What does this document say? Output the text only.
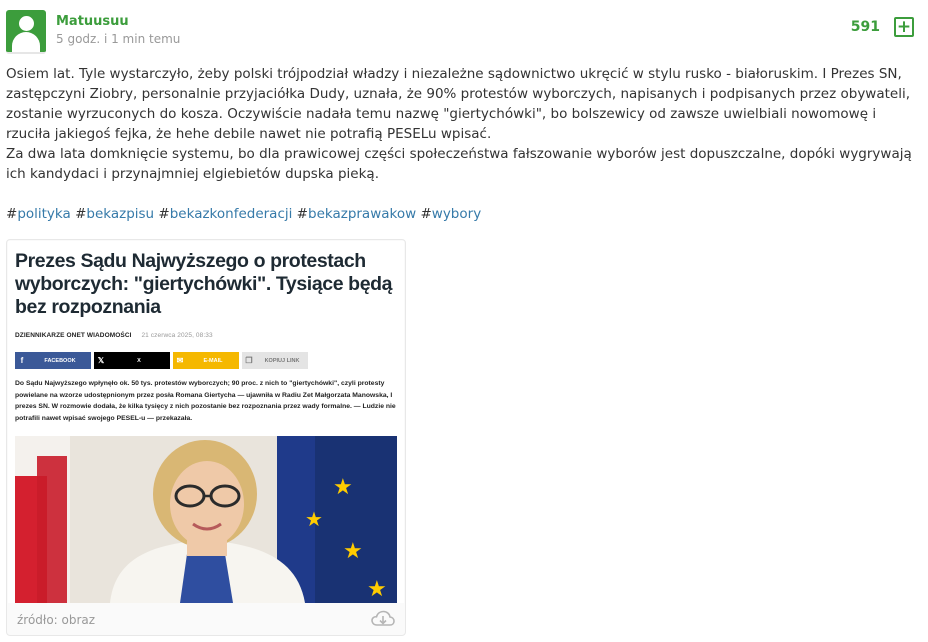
Matuusuu
5 godz. i 1 min temu
591 +

Osiem lat. Tyle wystarczyło, żeby polski trójpodział władzy i niezależne sądownictwo ukręcić w stylu rusko - białoruskim. I Prezes SN, zastępczyni Ziobry, personalnie przyjaciółka Dudy, uznała, że 90% protestów wyborczych, napisanych i podpisanych przez obywateli, zostanie wyrzuconych do kosza. Oczywiście nadała temu nazwę "giertychówki", bo bolszewicy od zawsze uwielbiali nowomowę i rzuciła jakiegoś fejka, że hehe debile nawet nie potrafią PESELu wpisać.

Za dwa lata domknięcie systemu, bo dla prawicowej części społeczeństwa fałszowanie wyborów jest dopuszczalne, dopóki wygrywają ich kandydaci i przynajmniej elgiebietów dupska pieką.

#polityka #bekazpisu #bekazkonfederacji #bekazprawakow #wybory
Prezes Sądu Najwyższego o protestach wyborczych: "giertychówki". Tysiące będą bez rozpoznania
DZIENNIKARZE ONET WIADOMOŚCI 21 czerwca 2025, 08:33
f	FACEBOOK	𝕏	X	✉	E-MAIL	❐	KOPIUJ LINK
Do Sądu Najwyższego wpłynęło ok. 50 tys. protestów wyborczych; 90 proc. z nich to "giertychówki", czyli protesty powielane na wzorze udostępnionym przez posła Romana Giertycha — ujawniła w Radiu Zet Małgorzata Manowska, I prezes SN. W rozmowie dodała, że kilka tysięcy z nich pozostanie bez rozpoznania przez wady formalne. — Ludzie nie potrafili nawet wpisać swojego PESEL-u — przekazała.
★
★
★
★
źródło: obraz
